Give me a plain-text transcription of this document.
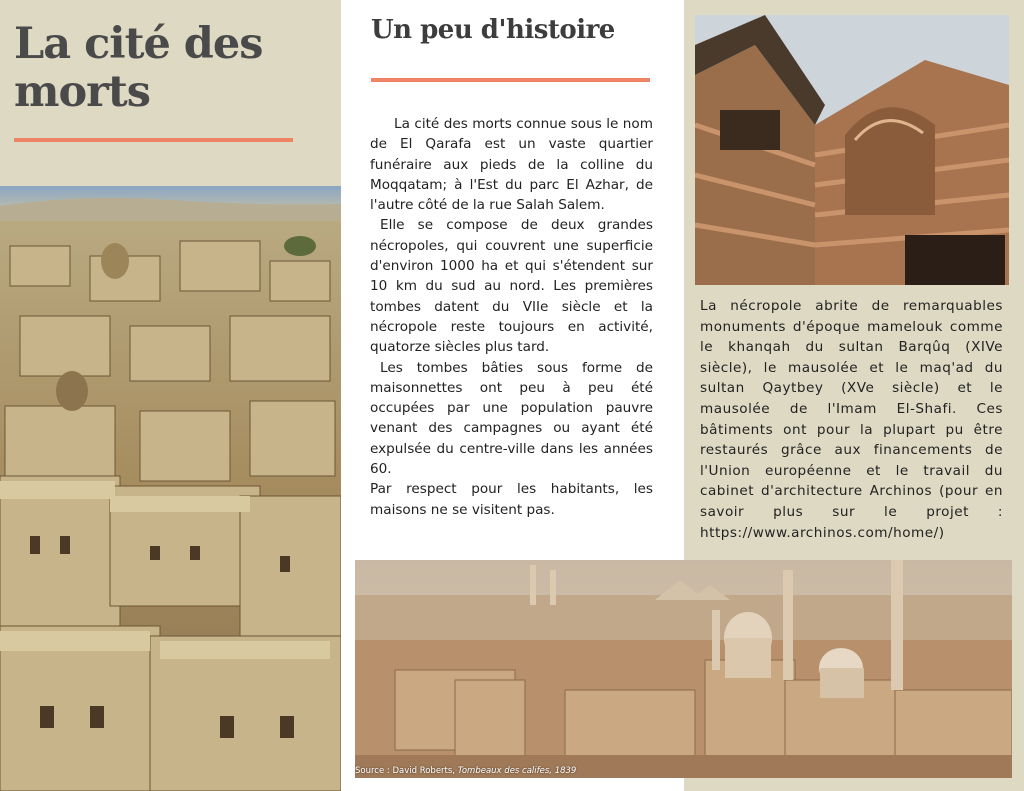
La cité des morts
Un peu d'histoire

La cité des morts connue sous le nom de El Qarafa est un vaste quartier funéraire aux pieds de la colline du Moqqatam; à l'Est du parc El Azhar, de l'autre côté de la rue Salah Salem.

Elle se compose de deux grandes nécropoles, qui couvrent une superficie d'environ 1000 ha et qui s'étendent sur 10 km du sud au nord. Les premières tombes datent du VIIe siècle et la nécropole reste toujours en activité, quatorze siècles plus tard.

Les tombes bâties sous forme de maisonnettes ont peu à peu été occupées par une population pauvre venant des campagnes ou ayant été expulsée du centre-ville dans les années 60.

Par respect pour les habitants, les maisons ne se visitent pas.

La nécropole abrite de remarquables monuments d'époque mamelouk comme le khanqah du sultan Barqûq (XIVe siècle), le mausolée et le maq'ad du sultan Qaytbey (XVe siècle) et le mausolée de l'Imam El-Shafi. Ces bâtiments ont pour la plupart pu être restaurés grâce aux financements de l'Union européenne et le travail du cabinet d'architecture Archinos (pour en savoir plus sur le projet : https://www.archinos.com/home/)

Source : David Roberts, Tombeaux des califes, 1839
